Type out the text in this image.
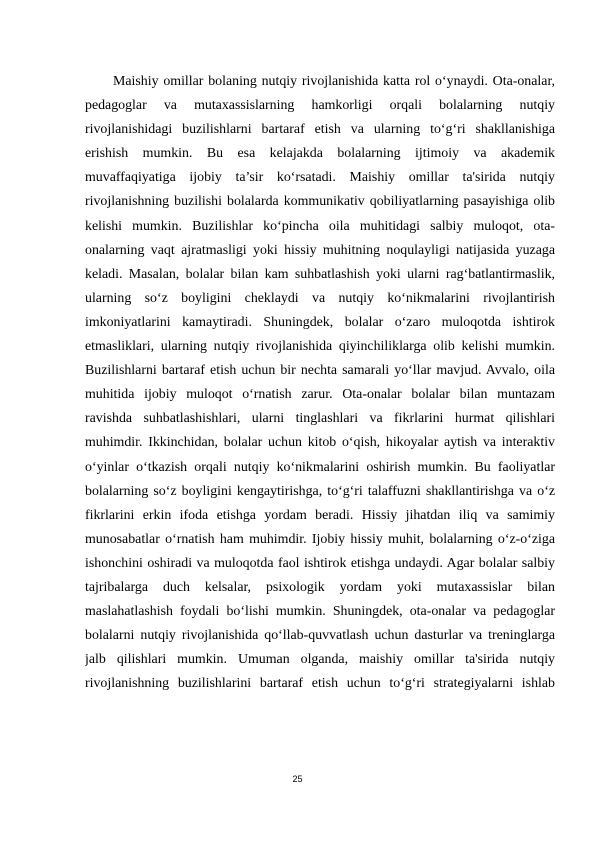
Maishiy omillar bolaning nutqiy rivojlanishida katta rol o‘ynaydi. Ota-onalar,
pedagoglar va mutaxassislarning hamkorligi orqali bolalarning nutqiy
rivojlanishidagi buzilishlarni bartaraf etish va ularning to‘g‘ri shakllanishiga
erishish mumkin. Bu esa kelajakda bolalarning ijtimoiy va akademik
muvaffaqiyatiga ijobiy ta’sir ko‘rsatadi. Maishiy omillar ta'sirida nutqiy
rivojlanishning buzilishi bolalarda kommunikativ qobiliyatlarning pasayishiga olib
kelishi mumkin. Buzilishlar ko‘pincha oila muhitidagi salbiy muloqot, ota-
onalarning vaqt ajratmasligi yoki hissiy muhitning noqulayligi natijasida yuzaga
keladi. Masalan, bolalar bilan kam suhbatlashish yoki ularni rag‘batlantirmaslik,
ularning so‘z boyligini cheklaydi va nutqiy ko‘nikmalarini rivojlantirish
imkoniyatlarini kamaytiradi. Shuningdek, bolalar o‘zaro muloqotda ishtirok
etmasliklari, ularning nutqiy rivojlanishida qiyinchiliklarga olib kelishi mumkin.
Buzilishlarni bartaraf etish uchun bir nechta samarali yo‘llar mavjud. Avvalo, oila
muhitida ijobiy muloqot o‘rnatish zarur. Ota-onalar bolalar bilan muntazam
ravishda suhbatlashishlari, ularni tinglashlari va fikrlarini hurmat qilishlari
muhimdir. Ikkinchidan, bolalar uchun kitob o‘qish, hikoyalar aytish va interaktiv
o‘yinlar o‘tkazish orqali nutqiy ko‘nikmalarini oshirish mumkin. Bu faoliyatlar
bolalarning so‘z boyligini kengaytirishga, to‘g‘ri talaffuzni shakllantirishga va o‘z
fikrlarini erkin ifoda etishga yordam beradi. Hissiy jihatdan iliq va samimiy
munosabatlar o‘rnatish ham muhimdir. Ijobiy hissiy muhit, bolalarning o‘z-o‘ziga
ishonchini oshiradi va muloqotda faol ishtirok etishga undaydi. Agar bolalar salbiy
tajribalarga duch kelsalar, psixologik yordam yoki mutaxassislar bilan
maslahatlashish foydali bo‘lishi mumkin. Shuningdek, ota-onalar va pedagoglar
bolalarni nutqiy rivojlanishida qo‘llab-quvvatlash uchun dasturlar va treninglarga
jalb qilishlari mumkin. Umuman olganda, maishiy omillar ta'sirida nutqiy
rivojlanishning buzilishlarini bartaraf etish uchun to‘g‘ri strategiyalarni ishlab
25
